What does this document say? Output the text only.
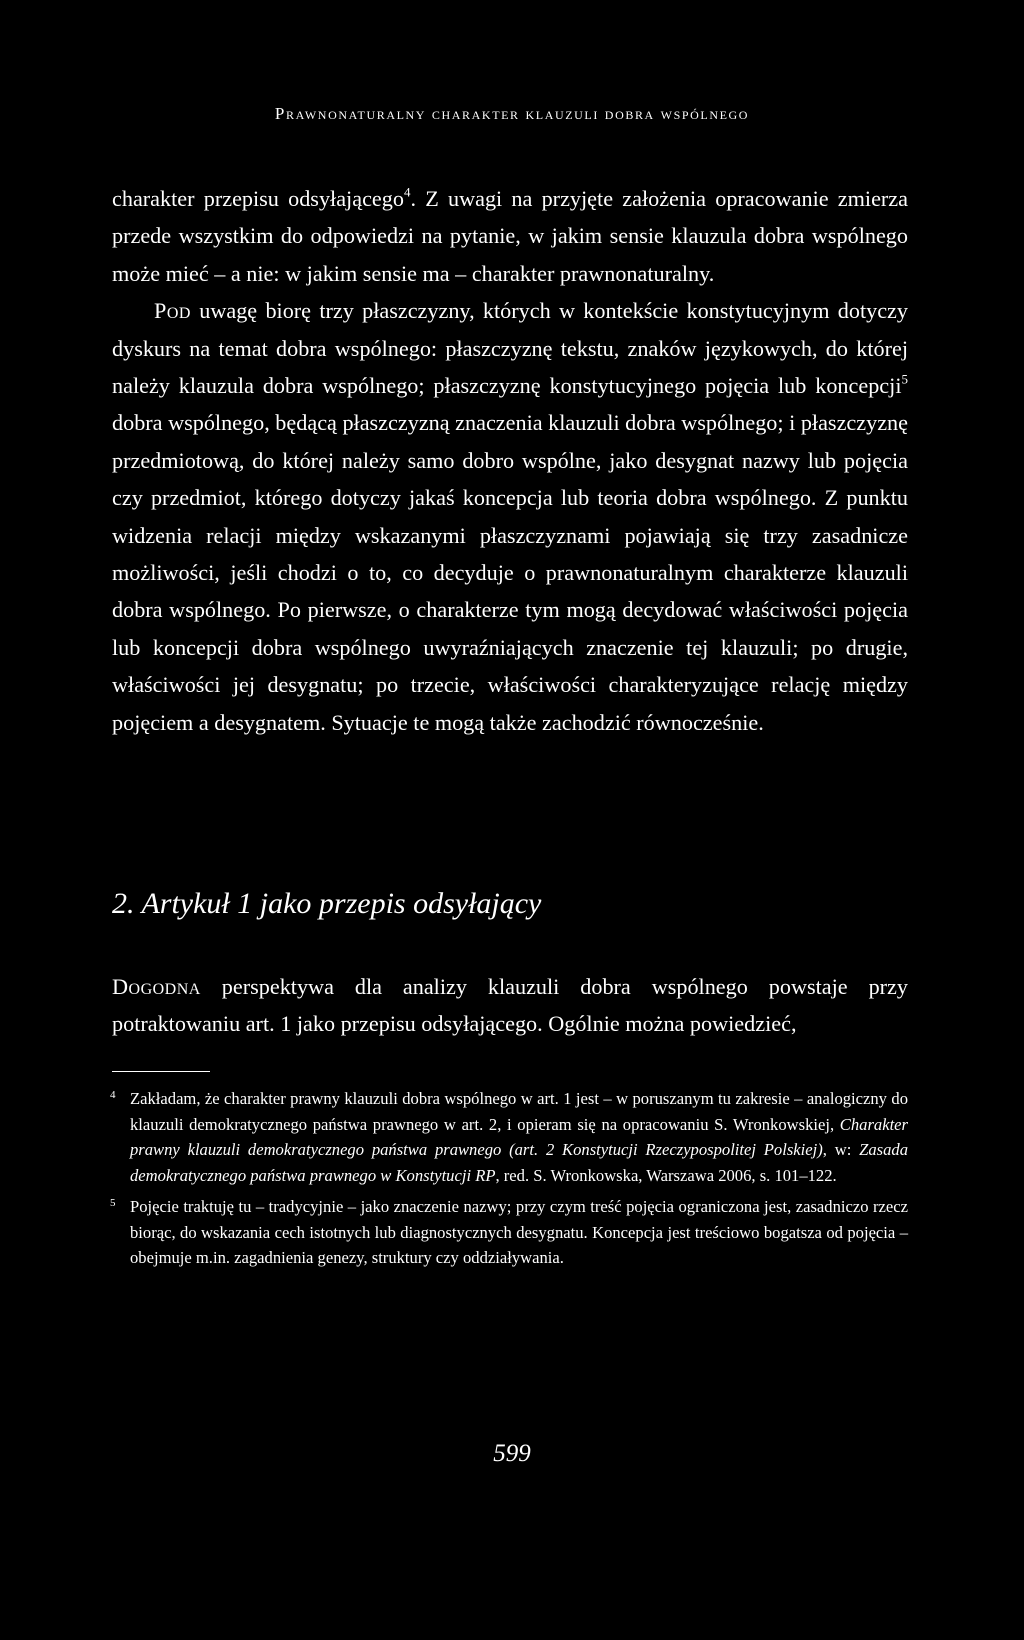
Prawnonaturalny charakter klauzuli dobra wspólnego

charakter przepisu odsyłającego$^4$. Z uwagi na przyjęte założenia opracowanie zmierza przede wszystkim do odpowiedzi na pytanie, w jakim sensie klauzula dobra wspólnego może mieć – a nie: w jakim sensie ma – charakter prawnonaturalny.

Pod uwagę biorę trzy płaszczyzny, których w kontekście konstytucyjnym dotyczy dyskurs na temat dobra wspólnego: płaszczyznę tekstu, znaków językowych, do której należy klauzula dobra wspólnego; płaszczyznę konstytucyjnego pojęcia lub koncepcji$^5$ dobra wspólnego, będącą płaszczyzną znaczenia klauzuli dobra wspólnego; i płaszczyznę przedmiotową, do której należy samo dobro wspólne, jako desygnat nazwy lub pojęcia czy przedmiot, którego dotyczy jakaś koncepcja lub teoria dobra wspólnego. Z punktu widzenia relacji między wskazanymi płaszczyznami pojawiają się trzy zasadnicze możliwości, jeśli chodzi o to, co decyduje o prawnonaturalnym charakterze klauzuli dobra wspólnego. Po pierwsze, o charakterze tym mogą decydować właściwości pojęcia lub koncepcji dobra wspólnego uwyraźniających znaczenie tej klauzuli; po drugie, właściwości jej desygnatu; po trzecie, właściwości charakteryzujące relację między pojęciem a desygnatem. Sytuacje te mogą także zachodzić równocześnie.

2. Artykuł 1 jako przepis odsyłający

Dogodna perspektywa dla analizy klauzuli dobra wspólnego powstaje przy potraktowaniu art. 1 jako przepisu odsyłającego. Ogólnie można powiedzieć,

4 Zakładam, że charakter prawny klauzuli dobra wspólnego w art. 1 jest – w poruszanym tu zakresie – analogiczny do klauzuli demokratycznego państwa prawnego w art. 2, i opieram się na opracowaniu S. Wronkowskiej, Charakter prawny klauzuli demokratycznego państwa prawnego (art. 2 Konstytucji Rzeczypospolitej Polskiej), w: Zasada demokratycznego państwa prawnego w Konstytucji RP, red. S. Wronkowska, Warszawa 2006, s. 101–122.
5 Pojęcie traktuję tu – tradycyjnie – jako znaczenie nazwy; przy czym treść pojęcia ograniczona jest, zasadniczo rzecz biorąc, do wskazania cech istotnych lub diagnostycznych desygnatu. Koncepcja jest treściowo bogatsza od pojęcia – obejmuje m.in. zagadnienia genezy, struktury czy oddziaływania.
599
